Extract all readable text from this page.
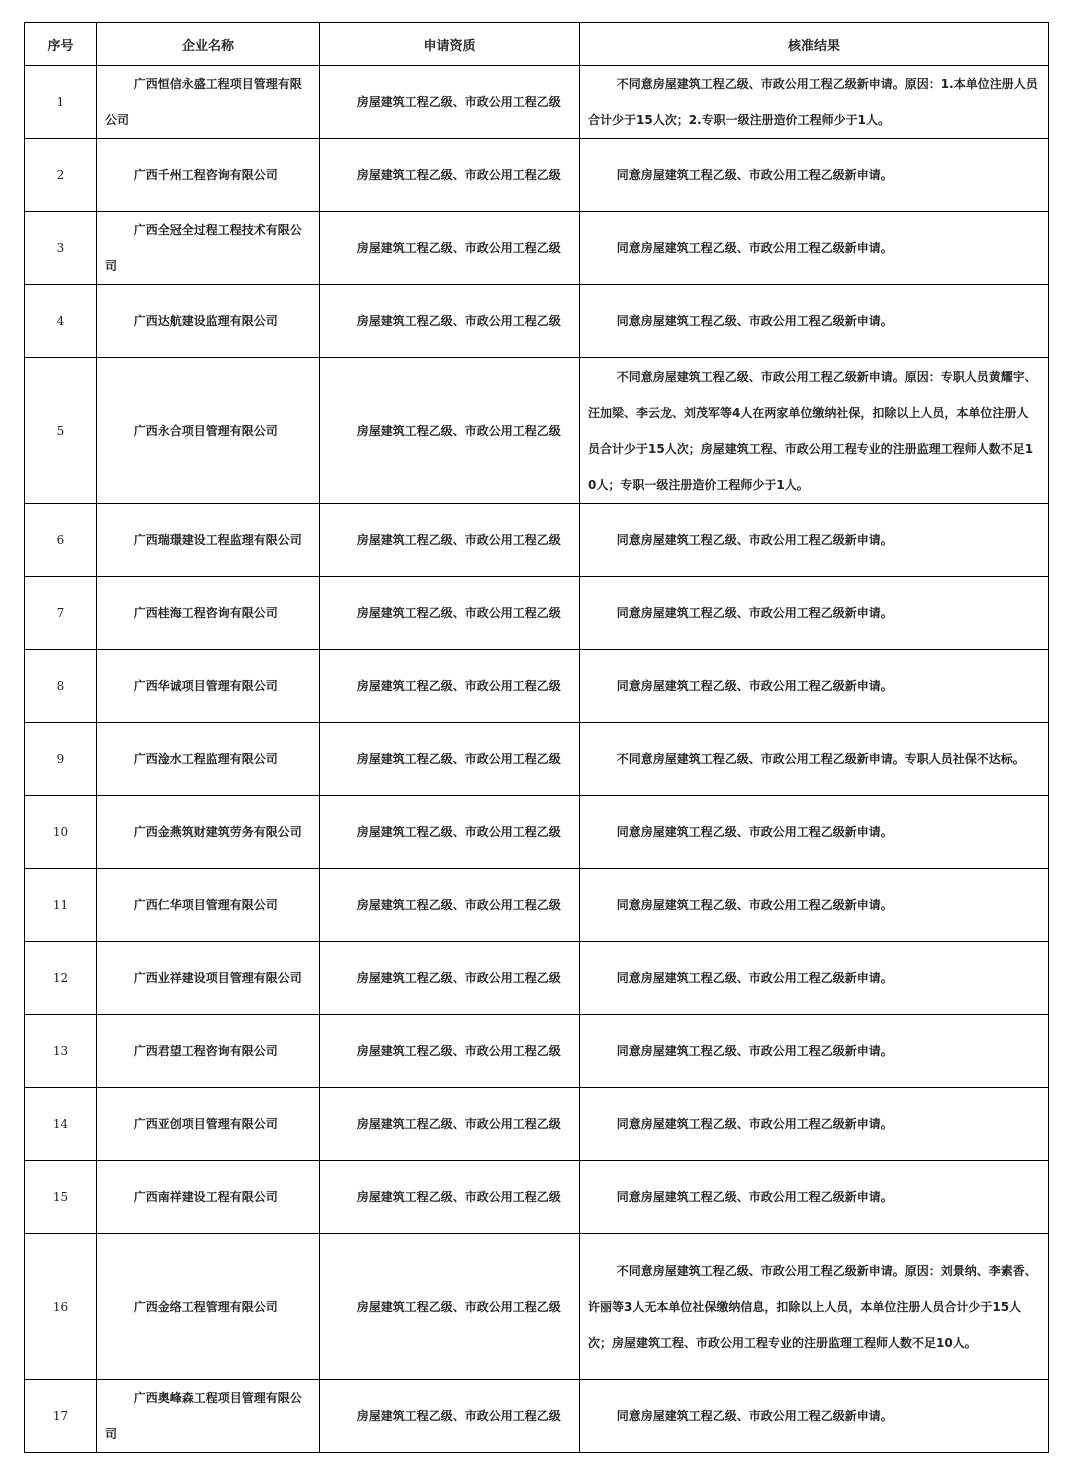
序号	企业名称	申请资质	核准结果
1	广西恒信永盛工程项目管理有限公司	房屋建筑工程乙级、市政公用工程乙级	不同意房屋建筑工程乙级、市政公用工程乙级新申请。原因：1.本单位注册人员合计少于15人次；2.专职一级注册造价工程师少于1人。

2	广西千州工程咨询有限公司	房屋建筑工程乙级、市政公用工程乙级	同意房屋建筑工程乙级、市政公用工程乙级新申请。

3	广西全冠全过程工程技术有限公司	房屋建筑工程乙级、市政公用工程乙级	同意房屋建筑工程乙级、市政公用工程乙级新申请。

4	广西达航建设监理有限公司	房屋建筑工程乙级、市政公用工程乙级	同意房屋建筑工程乙级、市政公用工程乙级新申请。

5	广西永合项目管理有限公司	房屋建筑工程乙级、市政公用工程乙级	不同意房屋建筑工程乙级、市政公用工程乙级新申请。原因：专职人员黄耀宇、汪加梁、李云龙、刘茂军等4人在两家单位缴纳社保，扣除以上人员，本单位注册人员合计少于15人次；房屋建筑工程、市政公用工程专业的注册监理工程师人数不足10人；专职一级注册造价工程师少于1人。

6	广西瑞璟建设工程监理有限公司	房屋建筑工程乙级、市政公用工程乙级	同意房屋建筑工程乙级、市政公用工程乙级新申请。

7	广西桂海工程咨询有限公司	房屋建筑工程乙级、市政公用工程乙级	同意房屋建筑工程乙级、市政公用工程乙级新申请。

8	广西华诚项目管理有限公司	房屋建筑工程乙级、市政公用工程乙级	同意房屋建筑工程乙级、市政公用工程乙级新申请。

9	广西淦水工程监理有限公司	房屋建筑工程乙级、市政公用工程乙级	不同意房屋建筑工程乙级、市政公用工程乙级新申请。专职人员社保不达标。

10	广西金燕筑财建筑劳务有限公司	房屋建筑工程乙级、市政公用工程乙级	同意房屋建筑工程乙级、市政公用工程乙级新申请。

11	广西仁华项目管理有限公司	房屋建筑工程乙级、市政公用工程乙级	同意房屋建筑工程乙级、市政公用工程乙级新申请。

12	广西业祥建设项目管理有限公司	房屋建筑工程乙级、市政公用工程乙级	同意房屋建筑工程乙级、市政公用工程乙级新申请。

13	广西君望工程咨询有限公司	房屋建筑工程乙级、市政公用工程乙级	同意房屋建筑工程乙级、市政公用工程乙级新申请。

14	广西亚创项目管理有限公司	房屋建筑工程乙级、市政公用工程乙级	同意房屋建筑工程乙级、市政公用工程乙级新申请。

15	广西南祥建设工程有限公司	房屋建筑工程乙级、市政公用工程乙级	同意房屋建筑工程乙级、市政公用工程乙级新申请。

16	广西金络工程管理有限公司	房屋建筑工程乙级、市政公用工程乙级	不同意房屋建筑工程乙级、市政公用工程乙级新申请。原因：刘景纳、李素香、许丽等3人无本单位社保缴纳信息，扣除以上人员，本单位注册人员合计少于15人次；房屋建筑工程、市政公用工程专业的注册监理工程师人数不足10人。

17	广西奥峰森工程项目管理有限公司	房屋建筑工程乙级、市政公用工程乙级	同意房屋建筑工程乙级、市政公用工程乙级新申请。
